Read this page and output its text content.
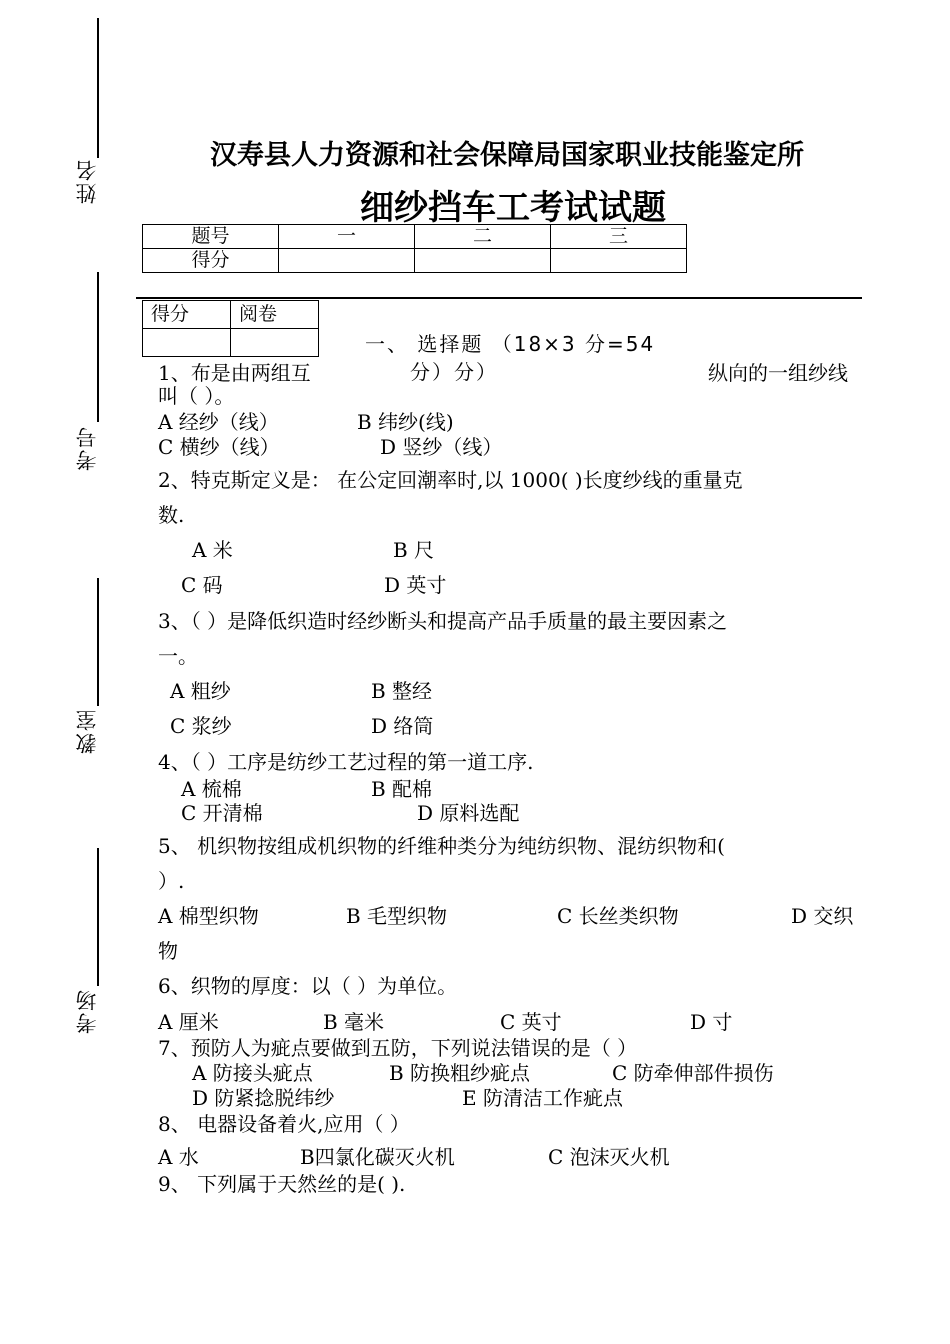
姓名
考号
教室
考场
汉寿县人力资源和社会保障局国家职业技能鉴定所
细纱挡车工考试试题
题号	一	二	三
得分			
得分	阅卷

一、 选择题 （18×3 分=54
分）分）
1、布是由两组互	纵向的一组纱线
叫（ ）。
A 经纱（线）	B 纬纱(线)
C 横纱（线）	D 竖纱（线）
2、特克斯定义是： 在公定回潮率时,以 1000( )长度纱线的重量克
数.
A 米	B 尺
C 码	D 英寸
3、（ ）是降低织造时经纱断头和提高产品手质量的最主要因素之
一。
A 粗纱	B 整经
C 浆纱	D 络筒
4、（ ）工序是纺纱工艺过程的第一道工序.
A 梳棉	B 配棉
C 开清棉	D 原料选配
5、 机织物按组成机织物的纤维种类分为纯纺织物、混纺织物和(
）.
A 棉型织物	B 毛型织物	C 长丝类织物	D 交织
物
6、织物的厚度：以（ ）为单位。
A 厘米	B 毫米	C 英寸	D 寸
7、预防人为疵点要做到五防，下列说法错误的是（ ）
A 防接头疵点	B 防换粗纱疵点	C 防牵伸部件损伤
D 防紧捻脱纬纱	E 防清洁工作疵点
8、 电器设备着火,应用（ ）
A 水	B四氯化碳灭火机	C 泡沫灭火机
9、 下列属于天然丝的是( ).
